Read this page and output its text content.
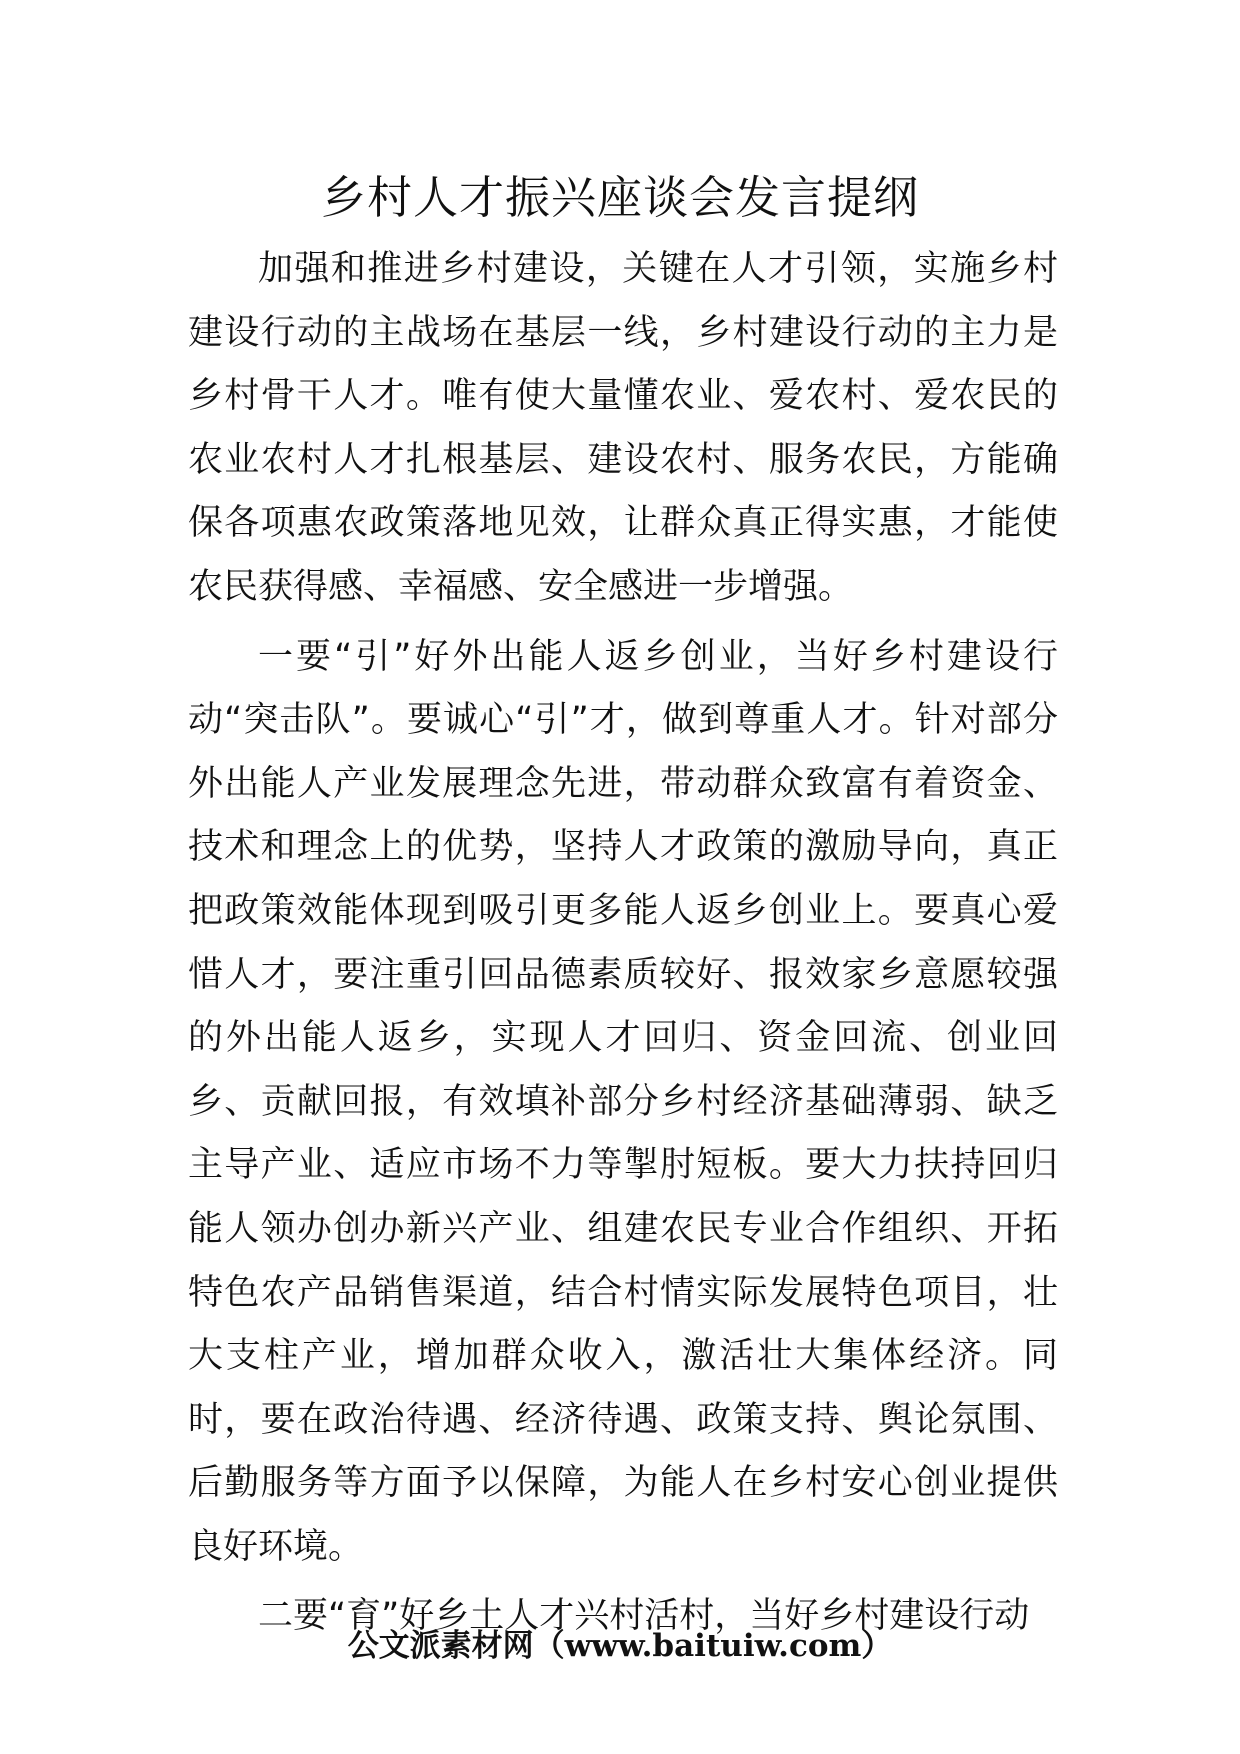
乡村人才振兴座谈会发言提纲

加强和推进乡村建设，关键在人才引领，实施乡村建设行动的主战场在基层一线，乡村建设行动的主力是乡村骨干人才。唯有使大量懂农业、爱农村、爱农民的农业农村人才扎根基层、建设农村、服务农民，方能确保各项惠农政策落地见效，让群众真正得实惠，才能使农民获得感、幸福感、安全感进一步增强。

一要“引”好外出能人返乡创业，当好乡村建设行动“突击队”。要诚心“引”才，做到尊重人才。针对部分外出能人产业发展理念先进，带动群众致富有着资金、技术和理念上的优势，坚持人才政策的激励导向，真正把政策效能体现到吸引更多能人返乡创业上。要真心爱惜人才，要注重引回品德素质较好、报效家乡意愿较强的外出能人返乡，实现人才回归、资金回流、创业回乡、贡献回报，有效填补部分乡村经济基础薄弱、缺乏主导产业、适应市场不力等掣肘短板。要大力扶持回归能人领办创办新兴产业、组建农民专业合作组织、开拓特色农产品销售渠道，结合村情实际发展特色项目，壮大支柱产业，增加群众收入，激活壮大集体经济。同时，要在政治待遇、经济待遇、政策支持、舆论氛围、后勤服务等方面予以保障，为能人在乡村安心创业提供良好环境。

二要“育”好乡土人才兴村活村，当好乡村建设行动

公文派素材网（www.baituiw.com）
